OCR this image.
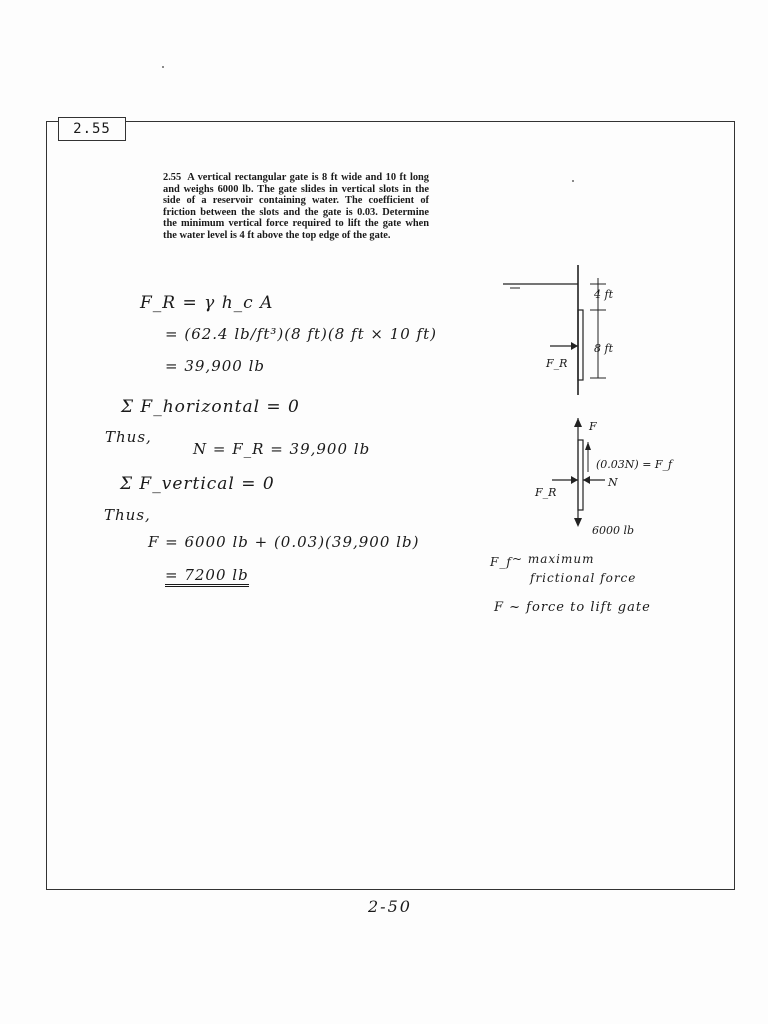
2.55
2.55 A vertical rectangular gate is 8 ft wide and 10 ft long and weighs 6000 lb. The gate slides in vertical slots in the side of a reservoir containing water. The coefficient of friction between the slots and the gate is 0.03. Determine the minimum vertical force required to lift the gate when the water level is 4 ft above the top edge of the gate.
F_R = γ h_c A
= (62.4 lb/ft³)(8 ft)(8 ft × 10 ft)
= 39,900 lb
Σ F_horizontal = 0
Thus,
N = F_R = 39,900 lb
Σ F_vertical = 0
Thus,
F = 6000 lb + (0.03)(39,900 lb)
= 7200 lb
4 ft
8 ft
F_R
F
(0.03N) = F_f
N
F_R
6000 lb
F_f ~ maximum
frictional force
F ~ force to lift gate
2-50
